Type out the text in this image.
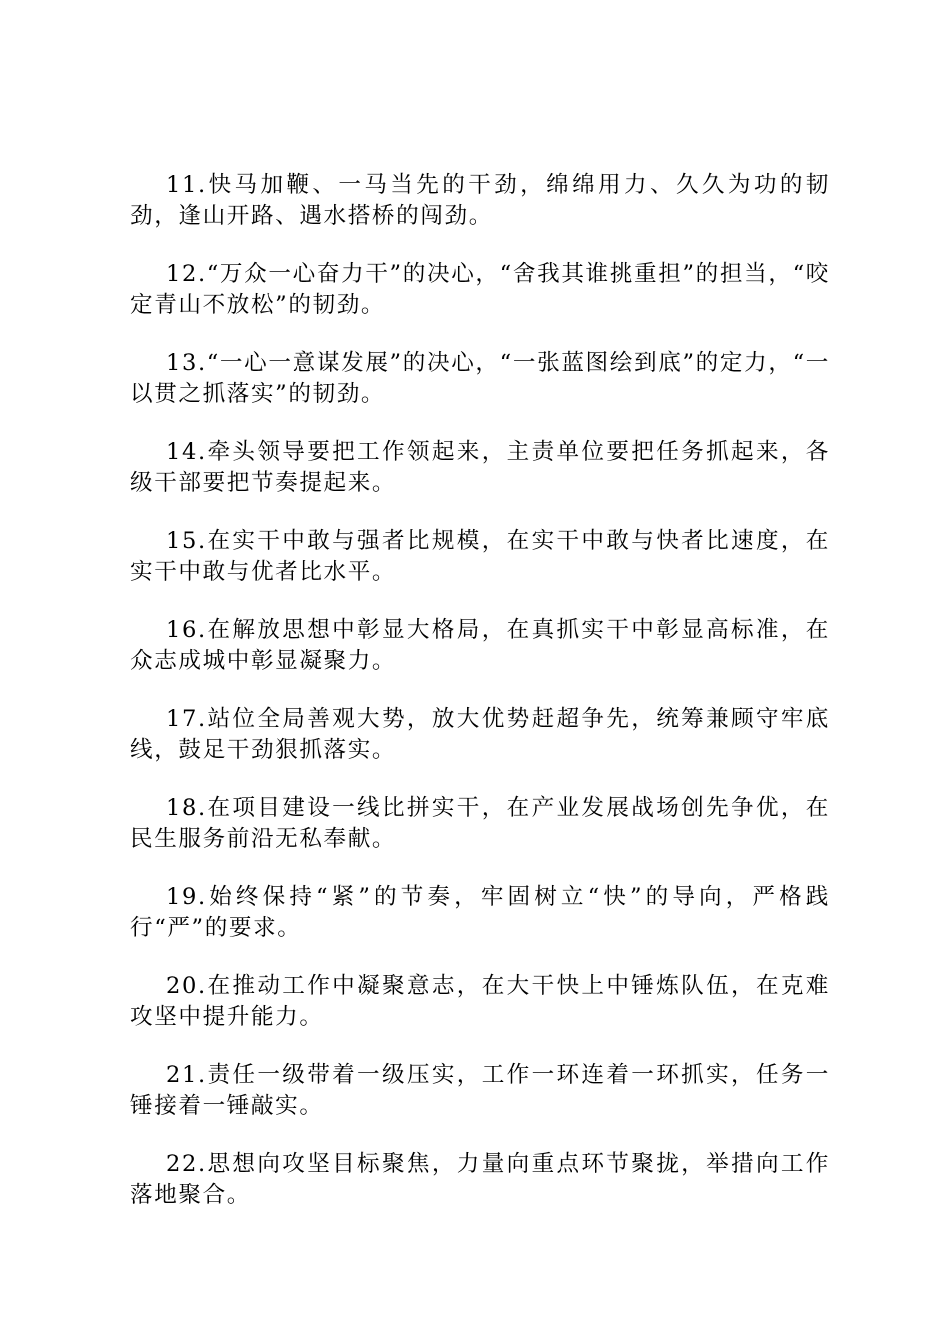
11.快马加鞭、一马当先的干劲，绵绵用力、久久为功的韧劲，逢山开路、遇水搭桥的闯劲。

12.“万众一心奋力干”的决心，“舍我其谁挑重担”的担当，“咬定青山不放松”的韧劲。

13.“一心一意谋发展”的决心，“一张蓝图绘到底”的定力，“一以贯之抓落实”的韧劲。

14.牵头领导要把工作领起来，主责单位要把任务抓起来，各级干部要把节奏提起来。

15.在实干中敢与强者比规模，在实干中敢与快者比速度，在实干中敢与优者比水平。

16.在解放思想中彰显大格局，在真抓实干中彰显高标准，在众志成城中彰显凝聚力。

17.站位全局善观大势，放大优势赶超争先，统筹兼顾守牢底线，鼓足干劲狠抓落实。

18.在项目建设一线比拼实干，在产业发展战场创先争优，在民生服务前沿无私奉献。

19.始终保持“紧”的节奏，牢固树立“快”的导向，严格践行“严”的要求。

20.在推动工作中凝聚意志，在大干快上中锤炼队伍，在克难攻坚中提升能力。

21.责任一级带着一级压实，工作一环连着一环抓实，任务一锤接着一锤敲实。

22.思想向攻坚目标聚焦，力量向重点环节聚拢，举措向工作落地聚合。
